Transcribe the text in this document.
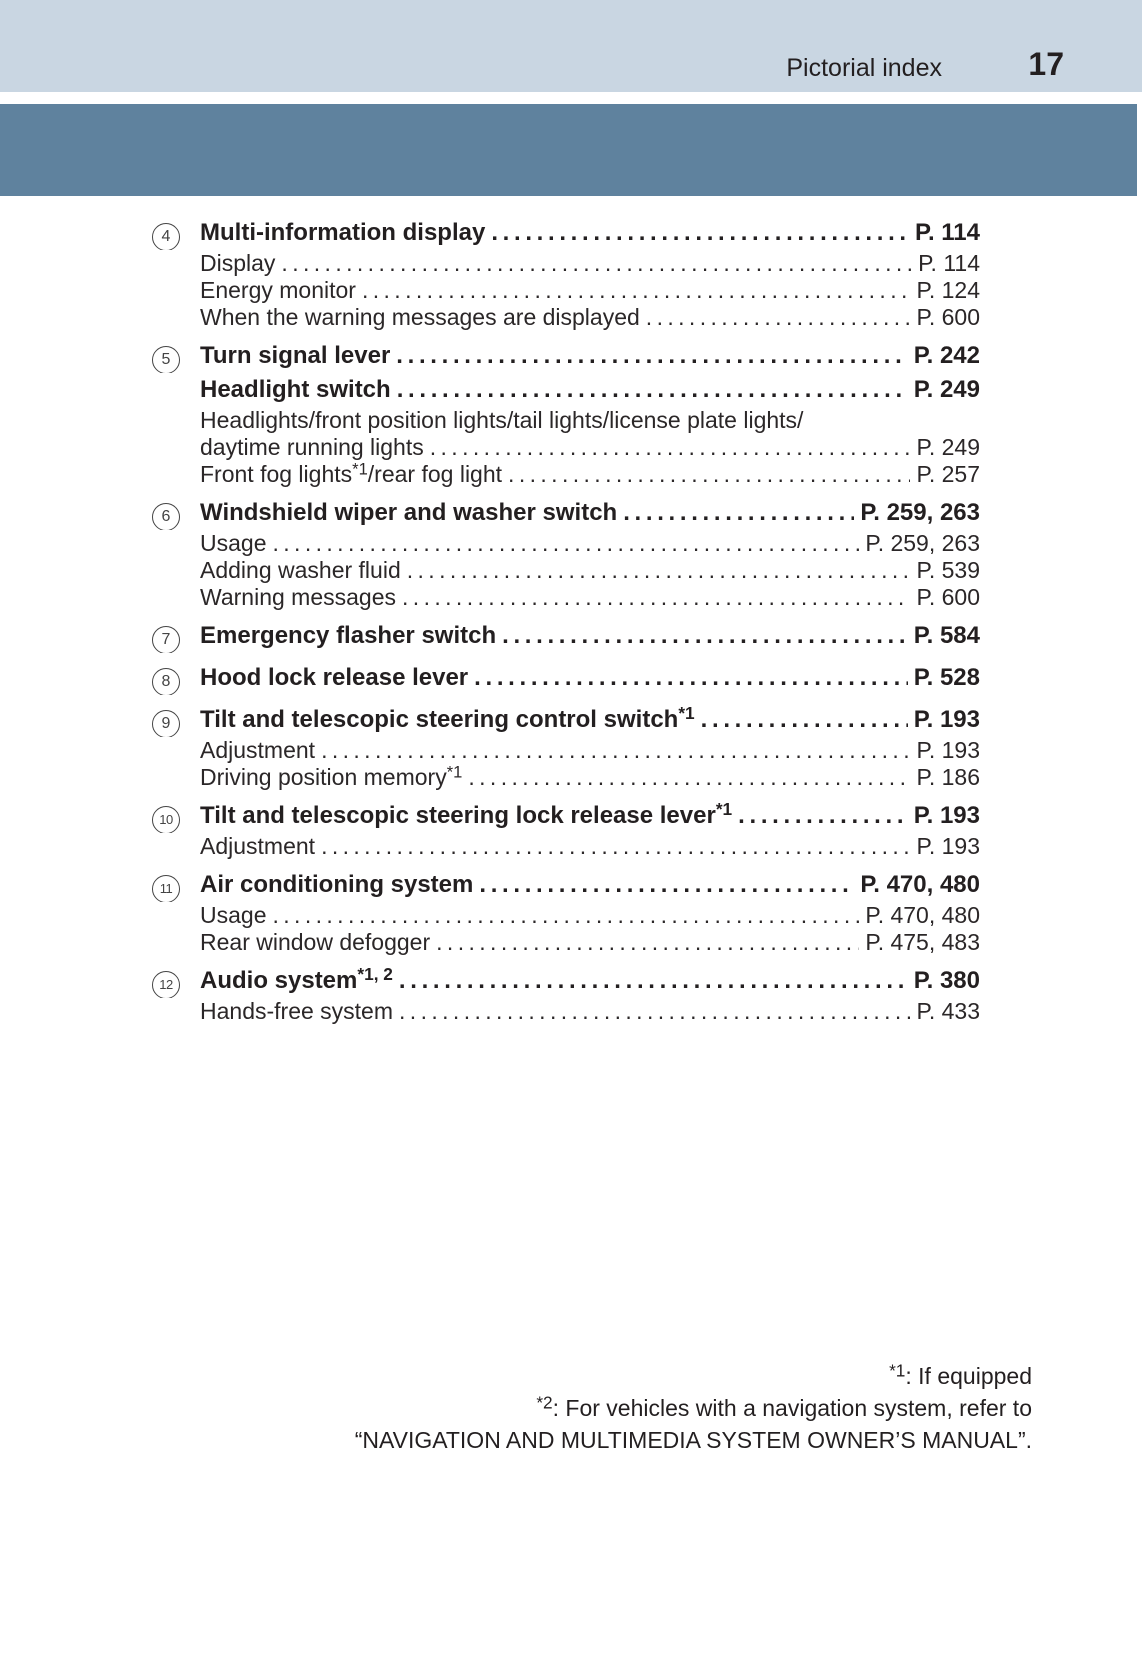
Pictorial index	17
4	Multi-information display . . .	P. 114
Display . . .	P. 114
Energy monitor . . .	P. 124
When the warning messages are displayed . . .	P. 600
5	Turn signal lever . . .	P. 242
Headlight switch . . .	P. 249
Headlights/front position lights/tail lights/license plate lights/
daytime running lights . . .	P. 249
Front fog lights$^{*1}$/rear fog light . . .	P. 257
6	Windshield wiper and washer switch . . .	P. 259, 263
Usage . . .	P. 259, 263
Adding washer fluid . . .	P. 539
Warning messages . . .	P. 600
7	Emergency flasher switch . . .	P. 584
8	Hood lock release lever . . .	P. 528
9	Tilt and telescopic steering control switch$^{*1}$ . . .	P. 193
Adjustment . . .	P. 193
Driving position memory$^{*1}$ . . .	P. 186
10	Tilt and telescopic steering lock release lever$^{*1}$ . . .	P. 193
Adjustment . . .	P. 193
11	Air conditioning system . . .	P. 470, 480
Usage . . .	P. 470, 480
Rear window defogger . . .	P. 475, 483
12	Audio system$^{*1, 2}$ . . .	P. 380
Hands-free system . . .	P. 433
$^{*1}$: If equipped
$^{*2}$: For vehicles with a navigation system, refer to
“NAVIGATION AND MULTIMEDIA SYSTEM OWNER’S MANUAL”.
